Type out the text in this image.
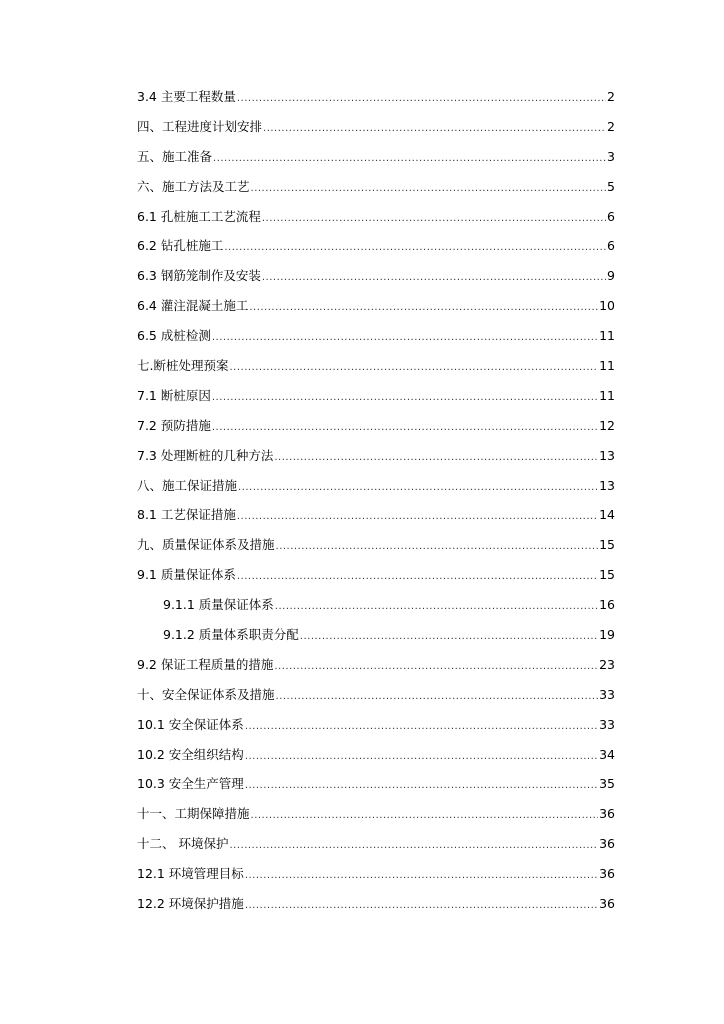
3.4 主要工程数量 .....	2
四、工程进度计划安排 .....	2
五、施工准备 .....	3
六、施工方法及工艺 .....	5
6.1 孔桩施工工艺流程 .....	6
6.2 钻孔桩施工 .....	6
6.3 钢筋笼制作及安装 .....	9
6.4 灌注混凝土施工 .....	10
6.5 成桩检测 .....	11
七.断桩处理预案 .....	11
7.1 断桩原因 .....	11
7.2 预防措施 .....	12
7.3 处理断桩的几种方法 .....	13
八、施工保证措施 .....	13
8.1 工艺保证措施 .....	14
九、质量保证体系及措施 .....	15
9.1 质量保证体系 .....	15
9.1.1 质量保证体系 .....	16
9.1.2 质量体系职责分配 .....	19
9.2 保证工程质量的措施 .....	23
十、安全保证体系及措施 .....	33
10.1 安全保证体系 .....	33
10.2 安全组织结构 .....	34
10.3 安全生产管理 .....	35
十一、工期保障措施 .....	36
十二、 环境保护 .....	36
12.1 环境管理目标 .....	36
12.2 环境保护措施 .....	36
